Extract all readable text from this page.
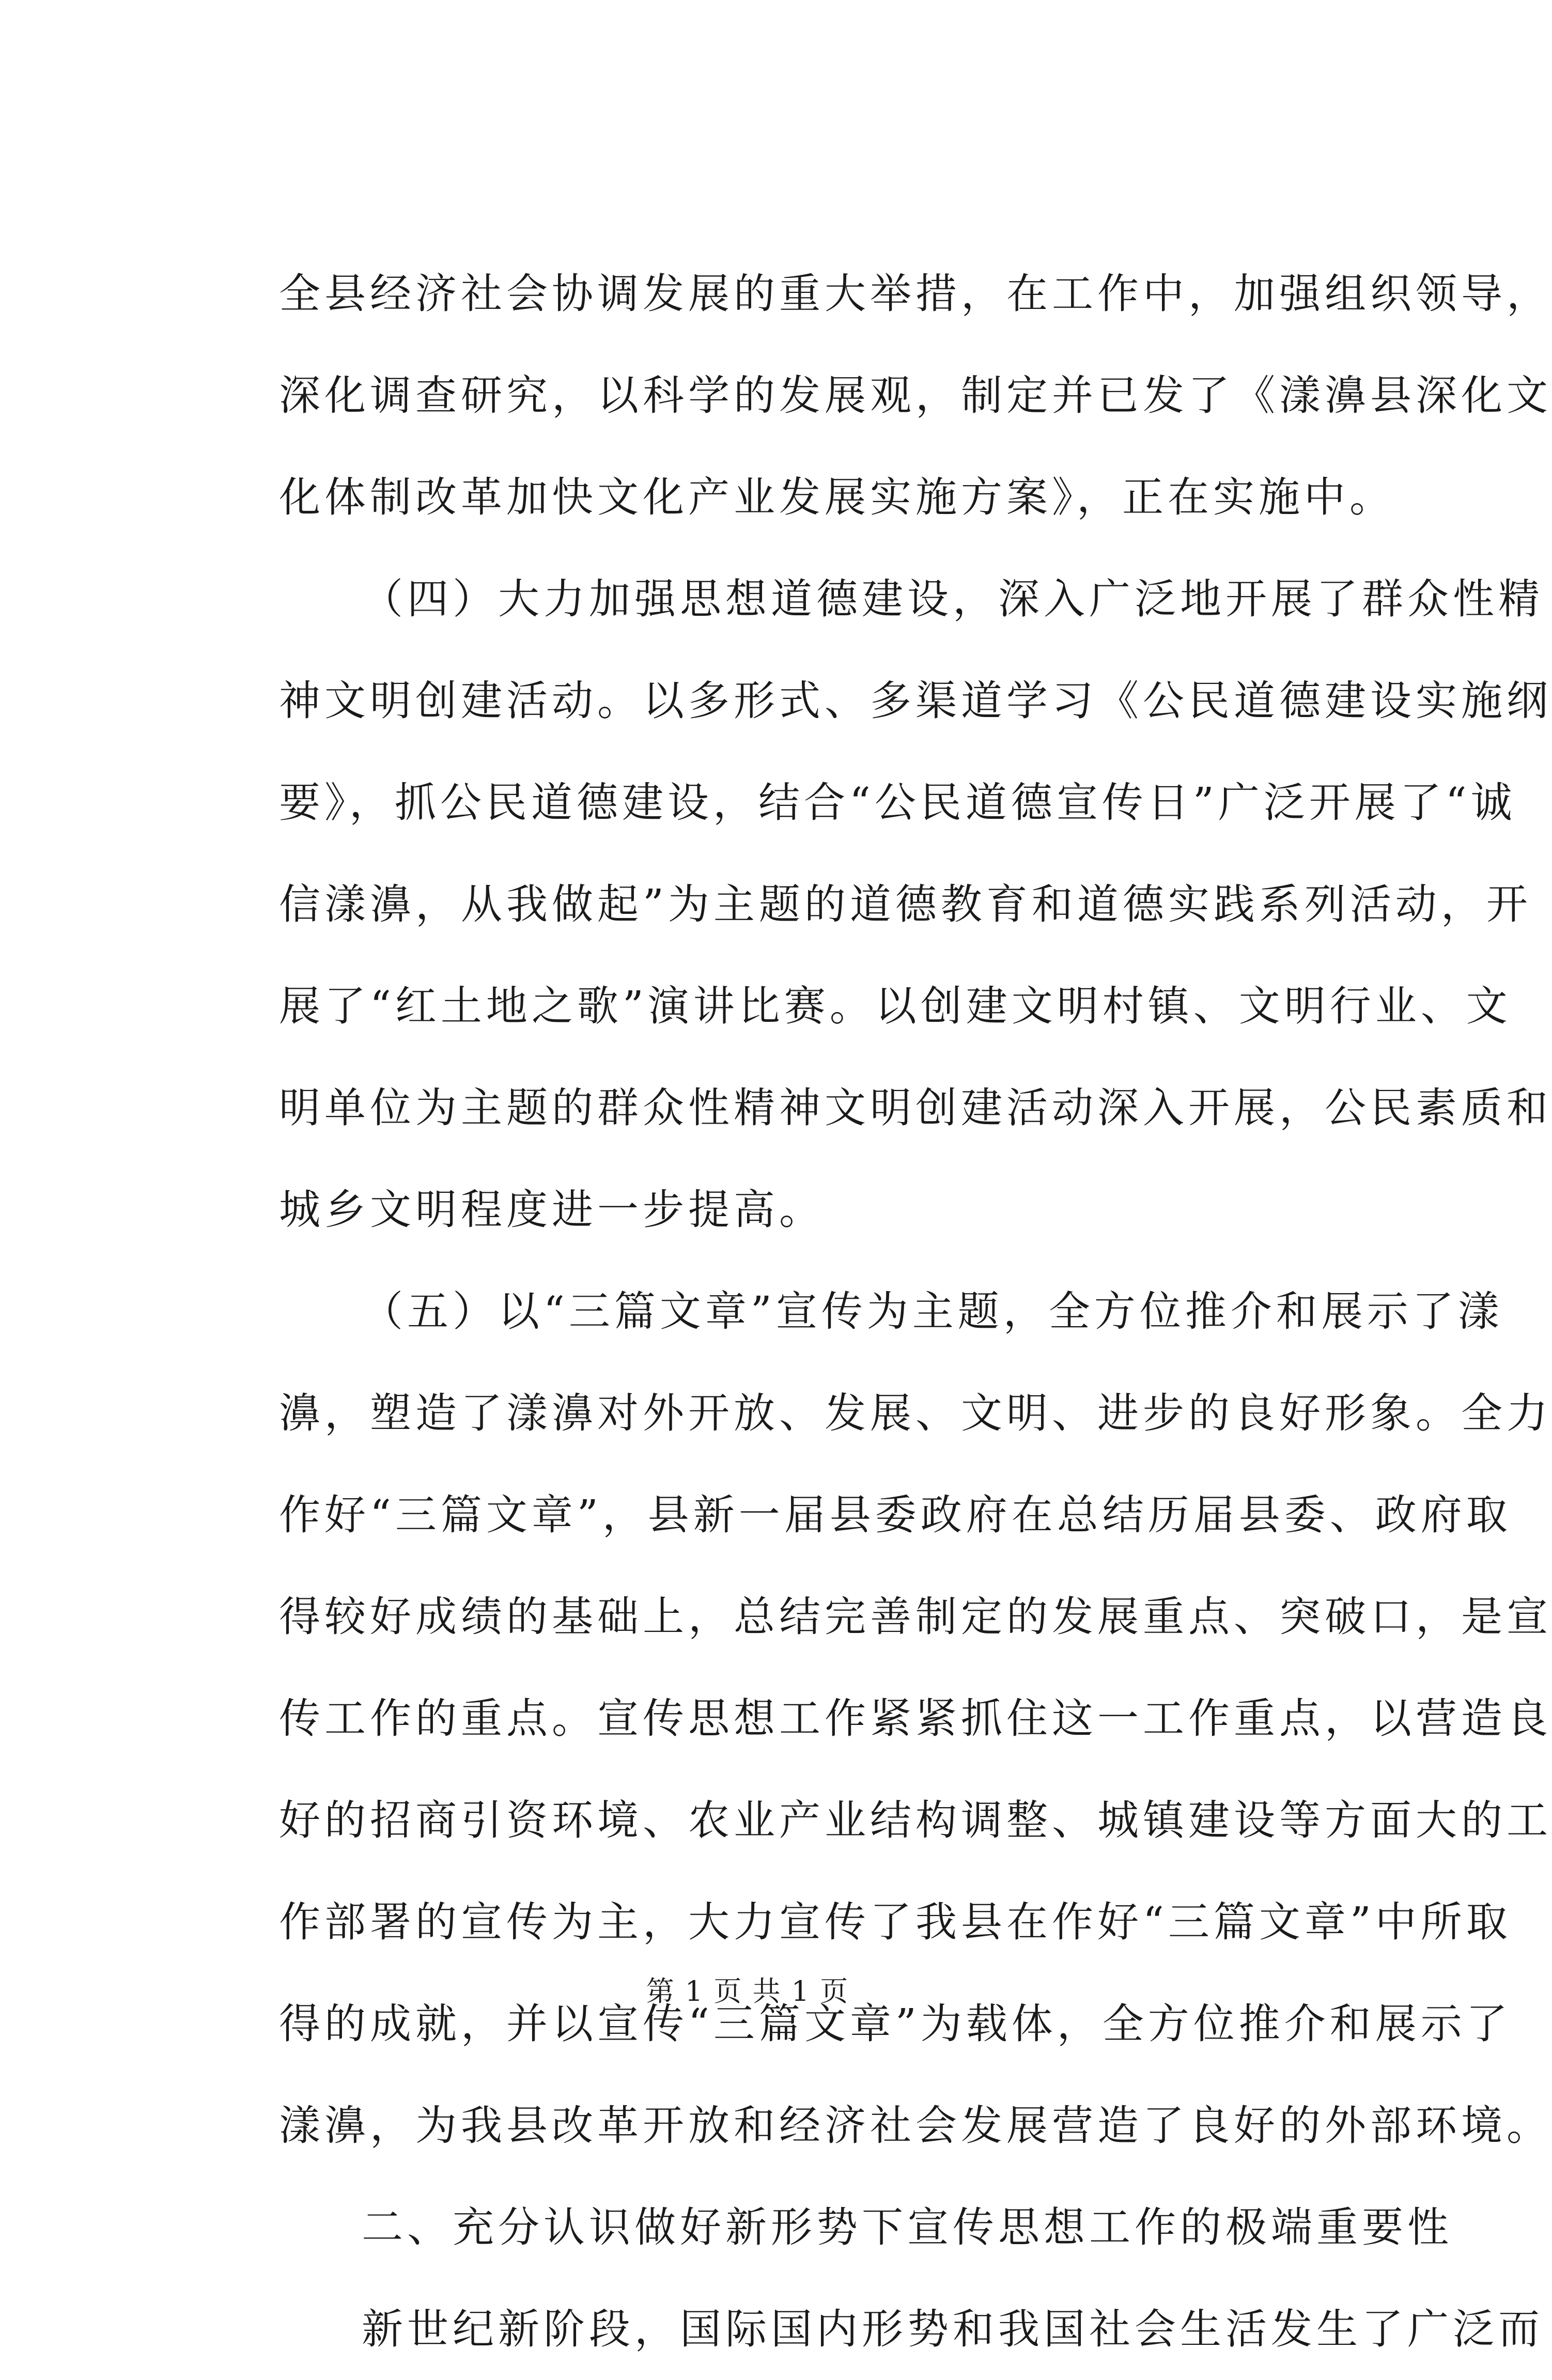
全县经济社会协调发展的重大举措，在工作中，加强组织领导，
深化调查研究，以科学的发展观，制定并已发了《漾濞县深化文
化体制改革加快文化产业发展实施方案》，正在实施中。
（四）大力加强思想道德建设，深入广泛地开展了群众性精
神文明创建活动。以多形式、多渠道学习《公民道德建设实施纲
要》，抓公民道德建设，结合“公民道德宣传日”广泛开展了“诚
信漾濞，从我做起”为主题的道德教育和道德实践系列活动，开
展了“红土地之歌”演讲比赛。以创建文明村镇、文明行业、文
明单位为主题的群众性精神文明创建活动深入开展，公民素质和
城乡文明程度进一步提高。
（五）以“三篇文章”宣传为主题，全方位推介和展示了漾
濞，塑造了漾濞对外开放、发展、文明、进步的良好形象。全力
作好“三篇文章”，县新一届县委政府在总结历届县委、政府取
得较好成绩的基础上，总结完善制定的发展重点、突破口，是宣
传工作的重点。宣传思想工作紧紧抓住这一工作重点，以营造良
好的招商引资环境、农业产业结构调整、城镇建设等方面大的工
作部署的宣传为主，大力宣传了我县在作好“三篇文章”中所取
得的成就，并以宣传“三篇文章”为载体，全方位推介和展示了
漾濞，为我县改革开放和经济社会发展营造了良好的外部环境。
二、充分认识做好新形势下宣传思想工作的极端重要性
新世纪新阶段，国际国内形势和我国社会生活发生了广泛而
第 1 页 共 1 页
